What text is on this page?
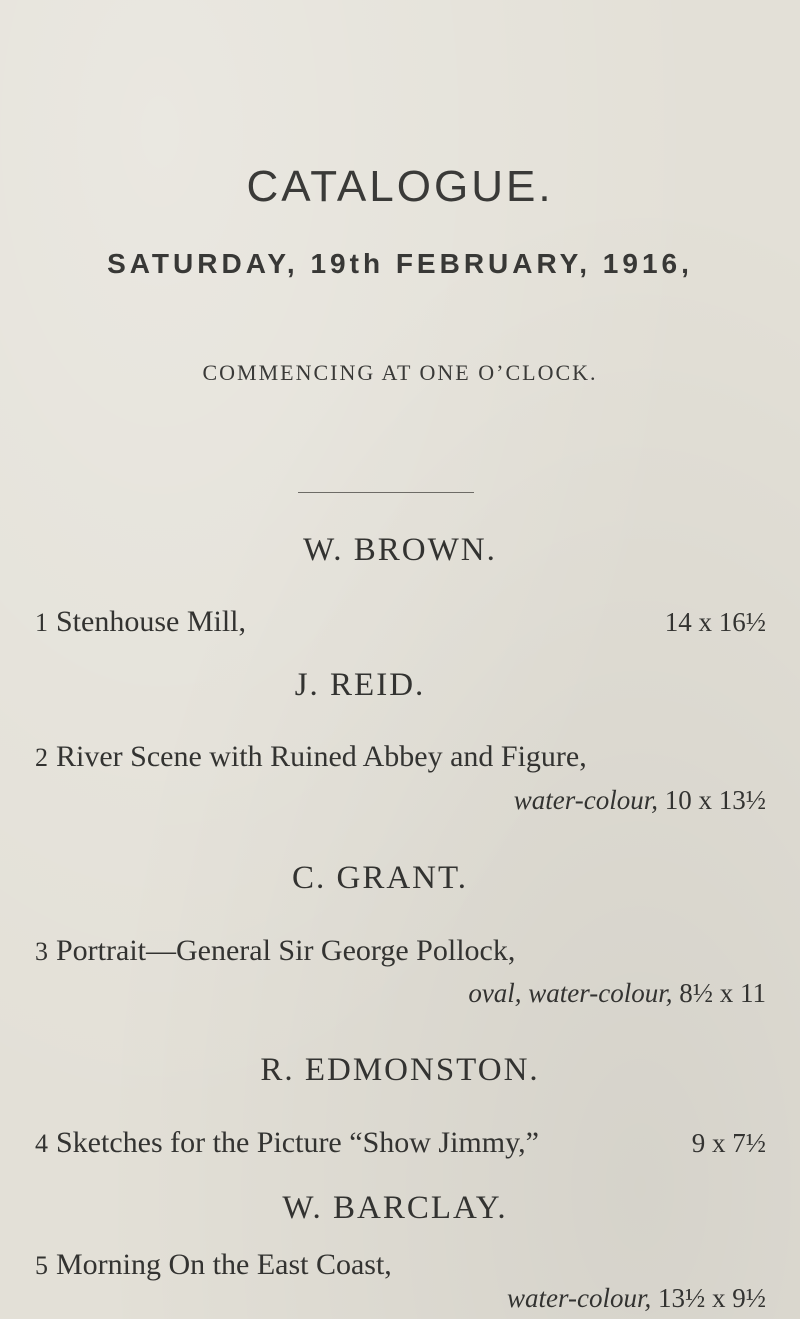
CATALOGUE.
SATURDAY, 19th FEBRUARY, 1916,
COMMENCING AT ONE O’CLOCK.
W. BROWN.
1 Stenhouse Mill,	14 x 16½
J. REID.
2 River Scene with Ruined Abbey and Figure,
water-colour, 10 x 13½
C. GRANT.
3 Portrait—General Sir George Pollock,
oval, water-colour, 8½ x 11
R. EDMONSTON.
4 Sketches for the Picture “Show Jimmy,”	9 x 7½
W. BARCLAY.
5 Morning On the East Coast,
water-colour, 13½ x 9½
